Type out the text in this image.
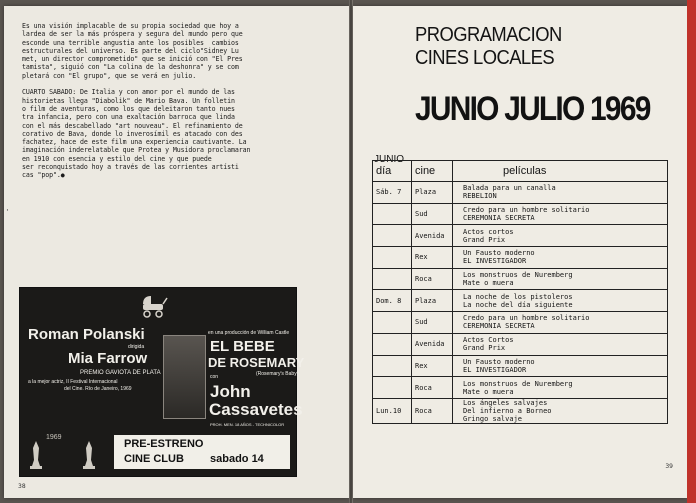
Es una visión implacable de su propia sociedad que hoy a
lardea de ser la más próspera y segura del mundo pero que
esconde una terrible angustia ante los posibles  cambios
estructurales del universo. Es parte del ciclo"Sidney Lu
met, un director comprometido" que se inició con "El Pres
tamista", siguió con "La colina de la deshonra" y se com
pletará con "El grupo", que se verá en julio.

CUARTO SABADO: De Italia y con amor por el mundo de las
historietas llega "Diabolik" de Mario Bava. Un folletin
o film de aventuras, como los que deleitaron tanto nues
tra infancia, pero con una exaltación barroca que linda
con el más descabellado "art nouveau". El refinamiento de
corativo de Bava, donde lo inverosímil es atacado con des
fachatez, hace de este film una experiencia cautivante. La
imaginación inderelatable que Protea y Musidora proclamaran
en 1910 con esencia y estilo del cine y que puede
ser reconquistado hoy a través de las corrientes artísti
cas "pop".●
·
Roman Polanski
dirigida
Mia Farrow
PREMIO GAVIOTA DE PLATA
a la mejor actriz, II Festival Internacional
del Cine. Río de Janeiro, 1969
en una producción de William Castle
EL BEBE
DE ROSEMARY
(Rosemary's Baby)
con
John
Cassavetes
PROH. MEN. 18 AÑOS - TECHNICOLOR
1969
PRE-ESTRENO
CINE CLUB sabado 14
38
PROGRAMACION
CINES LOCALES
JUNIO JULIO 1969
JUNIO
día	cine	películas
Sáb. 7	Plaza	Balada para un canalla
REBELION

	Sud	Credo para un hombre solitario
CEREMONIA SECRETA

	Avenida	Actos cortos
Grand Prix

	Rex	Un Fausto moderno
EL INVESTIGADOR

	Roca	Los monstruos de Nuremberg
Mate o muera

Dom. 8	Plaza	La noche de los pistoleros
La noche del día siguiente

	Sud	Credo para un hombre solitario
CEREMONIA SECRETA

	Avenida	Actos Cortos
Grand Prix

	Rex	Un Fausto moderno
EL INVESTIGADOR

	Roca	Los monstruos de Nuremberg
Mate o muera

Lun.10	Roca	Los ángeles salvajes
Del infierno a Borneo
Gringo salvaje
39
